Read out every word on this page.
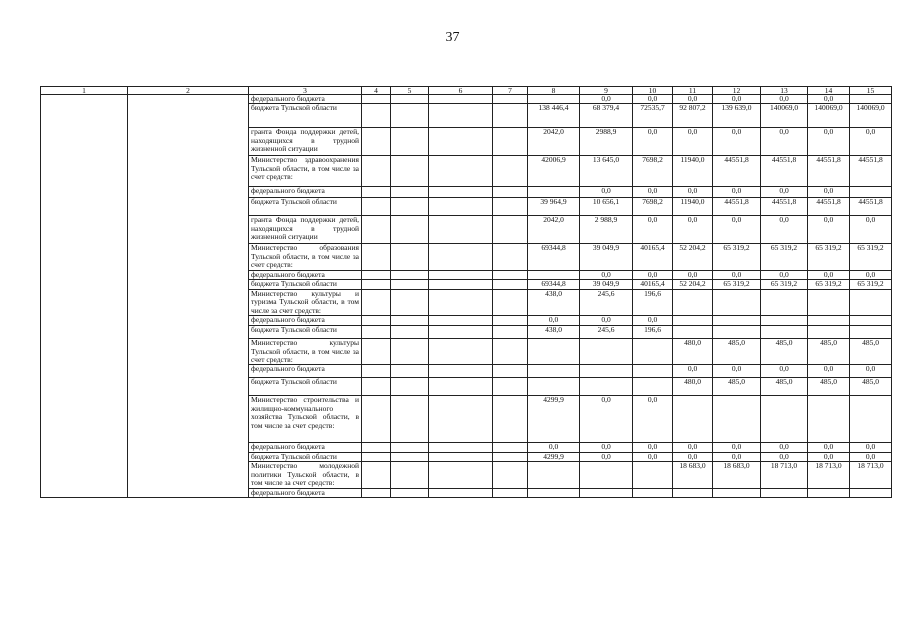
37
1	2	3	4	5	6	7	8	9	10	11	12	13	14	15
		федерального бюджета						0,0	0,0	0,0	0,0	0,0	0,0	
		бюджета Тульской области					138 446,4	68 379,4	72535,7	92 807,2	139 639,0	140069,0	140069,0	140069,0
		гранта Фонда поддержки детей, находящихся в трудной жизненной ситуации					2042,0	2988,9	0,0	0,0	0,0	0,0	0,0	0,0
		Министерство здравоохранения Тульской области, в том числе за счет средств:					42006,9	13 645,0	7698,2	11940,0	44551,8	44551,8	44551,8	44551,8
		федерального бюджета						0,0	0,0	0,0	0,0	0,0	0,0	
		бюджета Тульской области					39 964,9	10 656,1	7698,2	11940,0	44551,8	44551,8	44551,8	44551,8
		гранта Фонда поддержки детей, находящихся в трудной жизненной ситуации					2042,0	2 988,9	0,0	0,0	0,0	0,0	0,0	0,0
		Министерство образования Тульской области, в том числе за счет средств:					69344,8	39 049,9	40165,4	52 204,2	65 319,2	65 319,2	65 319,2	65 319,2
		федерального бюджета						0,0	0,0	0,0	0,0	0,0	0,0	0,0
		бюджета Тульской области					69344,8	39 049,9	40165,4	52 204,2	65 319,2	65 319,2	65 319,2	65 319,2
		Министерство культуры и туризма Тульской области, в том числе за счет средств:					438,0	245,6	196,6					
		федерального бюджета					0,0	0,0	0,0					
		бюджета Тульской области					438,0	245,6	196,6					
		Министерство культуры Тульской области, в том числе за счет средств:								480,0	485,0	485,0	485,0	485,0
		федерального бюджета								0,0	0,0	0,0	0,0	0,0
		бюджета Тульской области								480,0	485,0	485,0	485,0	485,0
		Министерство строительства и жилищно-коммунального хозяйства Тульской области, в том числе за счет средств:					4299,9	0,0	0,0					
		федерального бюджета					0,0	0,0	0,0	0,0	0,0	0,0	0,0	0,0
		бюджета Тульской области					4299,9	0,0	0,0	0,0	0,0	0,0	0,0	0,0
		Министерство молодежной политики Тульской области, в том числе за счет средств:								18 683,0	18 683,0	18 713,0	18 713,0	18 713,0
		федерального бюджета												
